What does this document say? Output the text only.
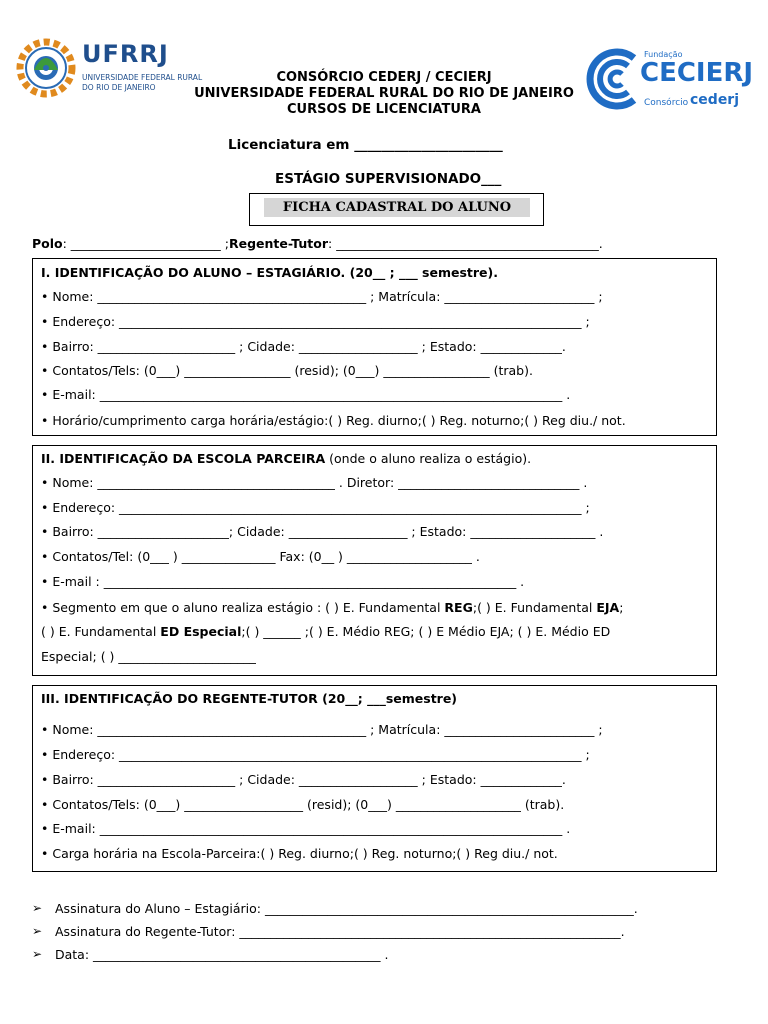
UFRRJ
UNIVERSIDADE FEDERAL RURAL
DO RIO DE JANEIRO
Fundação
CECIERJ
Consórcio cederj
CONSÓRCIO CEDERJ / CECIERJ
UNIVERSIDADE FEDERAL RURAL DO RIO DE JANEIRO
CURSOS DE LICENCIATURA
Licenciatura em ______________________
ESTÁGIO SUPERVISIONADO___
FICHA CADASTRAL DO ALUNO
Polo: ________________________ ;Regente-Tutor: __________________________________________.
I. IDENTIFICAÇÃO DO ALUNO – ESTAGIÁRIO. (20__ ; ___ semestre).
• Nome: ___________________________________________ ; Matrícula: ________________________ ;
• Endereço: __________________________________________________________________________ ;
• Bairro: ______________________ ; Cidade: ___________________ ; Estado: _____________.
• Contatos/Tels: (0___) _________________ (resid); (0___) _________________ (trab).
• E-mail: __________________________________________________________________________ .
• Horário/cumprimento carga horária/estágio:( ) Reg. diurno;( ) Reg. noturno;( ) Reg diu./ not.
II. IDENTIFICAÇÃO DA ESCOLA PARCEIRA (onde o aluno realiza o estágio).
• Nome: ______________________________________ . Diretor: _____________________________ .
• Endereço: __________________________________________________________________________ ;
• Bairro: _____________________; Cidade: ___________________ ; Estado: ____________________ .
• Contatos/Tel: (0___ ) _______________ Fax: (0__ ) ____________________ .
• E-mail : __________________________________________________________________ .
• Segmento em que o aluno realiza estágio : ( ) E. Fundamental REG;( ) E. Fundamental EJA;
( ) E. Fundamental ED Especial;( ) ______ ;( ) E. Médio REG; ( ) E Médio EJA; ( ) E. Médio ED
Especial; ( ) ______________________
III. IDENTIFICAÇÃO DO REGENTE-TUTOR (20__; ___semestre)
• Nome: ___________________________________________ ; Matrícula: ________________________ ;
• Endereço: __________________________________________________________________________ ;
• Bairro: ______________________ ; Cidade: ___________________ ; Estado: _____________.
• Contatos/Tels: (0___) ___________________ (resid); (0___) ____________________ (trab).
• E-mail: __________________________________________________________________________ .
• Carga horária na Escola-Parceira:( ) Reg. diurno;( ) Reg. noturno;( ) Reg diu./ not.
➢ Assinatura do Aluno – Estagiário: ___________________________________________________________.
➢ Assinatura do Regente-Tutor: _____________________________________________________________.
➢ Data: ______________________________________________ .
